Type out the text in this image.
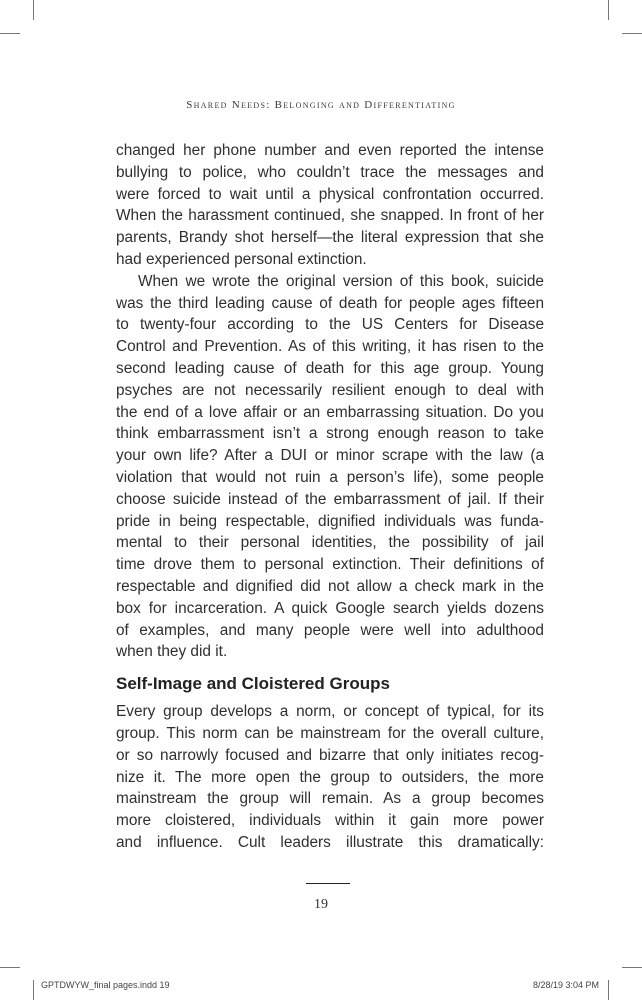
Shared Needs: Belonging and Differentiating

changed her phone number and even reported the intense
bullying to police, who couldn’t trace the messages and
were forced to wait until a physical confrontation occurred.
When the harassment continued, she snapped. In front of her
parents, Brandy shot herself—the literal expression that she
had experienced personal extinction.

When we wrote the original version of this book, suicide
was the third leading cause of death for people ages fifteen
to twenty-four according to the US Centers for Disease
Control and Prevention. As of this writing, it has risen to the
second leading cause of death for this age group. Young
psyches are not necessarily resilient enough to deal with
the end of a love affair or an embarrassing situation. Do you
think embarrassment isn’t a strong enough reason to take
your own life? After a DUI or minor scrape with the law (a
violation that would not ruin a person’s life), some people
choose suicide instead of the embarrassment of jail. If their
pride in being respectable, dignified individuals was funda-
mental to their personal identities, the possibility of jail
time drove them to personal extinction. Their definitions of
respectable and dignified did not allow a check mark in the
box for incarceration. A quick Google search yields dozens
of examples, and many people were well into adulthood
when they did it.

Self-Image and Cloistered Groups

Every group develops a norm, or concept of typical, for its
group. This norm can be mainstream for the overall culture,
or so narrowly focused and bizarre that only initiates recog-
nize it. The more open the group to outsiders, the more
mainstream the group will remain. As a group becomes
more cloistered, individuals within it gain more power
and influence. Cult leaders illustrate this dramatically:

19
GPTDWYW_final pages.indd 19	8/28/19 3:04 PM
